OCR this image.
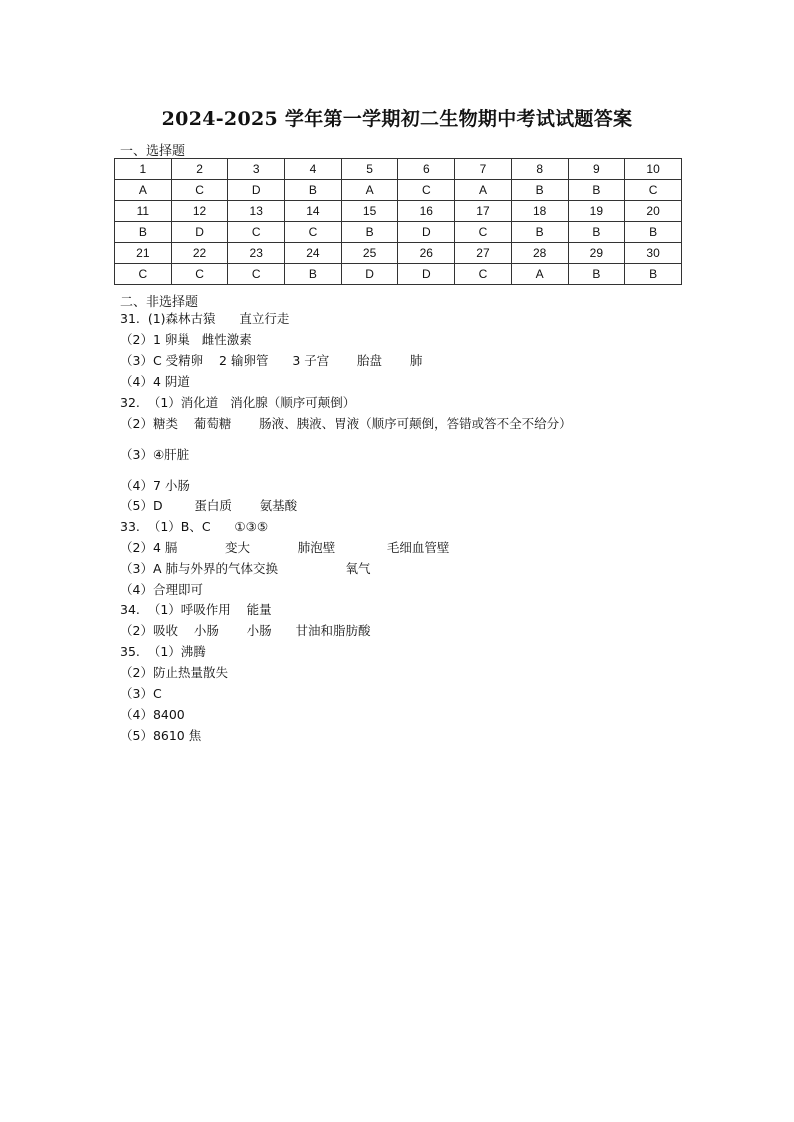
2024-2025 学年第一学期初二生物期中考试试题答案
一、选择题
1	2	3	4	5	6	7	8	9	10
A	C	D	B	A	C	A	B	B	C
11	12	13	14	15	16	17	18	19	20
B	D	C	C	B	D	C	B	B	B
21	22	23	24	25	26	27	28	29	30
C	C	C	B	D	D	C	A	B	B
二、非选择题
31.  (1)森林古猿      直立行走
（2）1 卵巢   雌性激素
（3）C 受精卵    2 输卵管      3 子宫       胎盘       肺
（4）4 阴道
32.  （1）消化道   消化腺（顺序可颠倒）
（2）糖类    葡萄糖       肠液、胰液、胃液（顺序可颠倒，答错或答不全不给分）
（3）④肝脏
（4）7 小肠
（5）D        蛋白质       氨基酸
33.  （1）B、C      ①③⑤
（2）4 膈            变大            肺泡壁             毛细血管壁
（3）A 肺与外界的气体交换                 氧气
（4）合理即可
34.  （1）呼吸作用    能量
（2）吸收    小肠       小肠      甘油和脂肪酸
35.  （1）沸腾
（2）防止热量散失
（3）C
（4）8400
（5）8610 焦
